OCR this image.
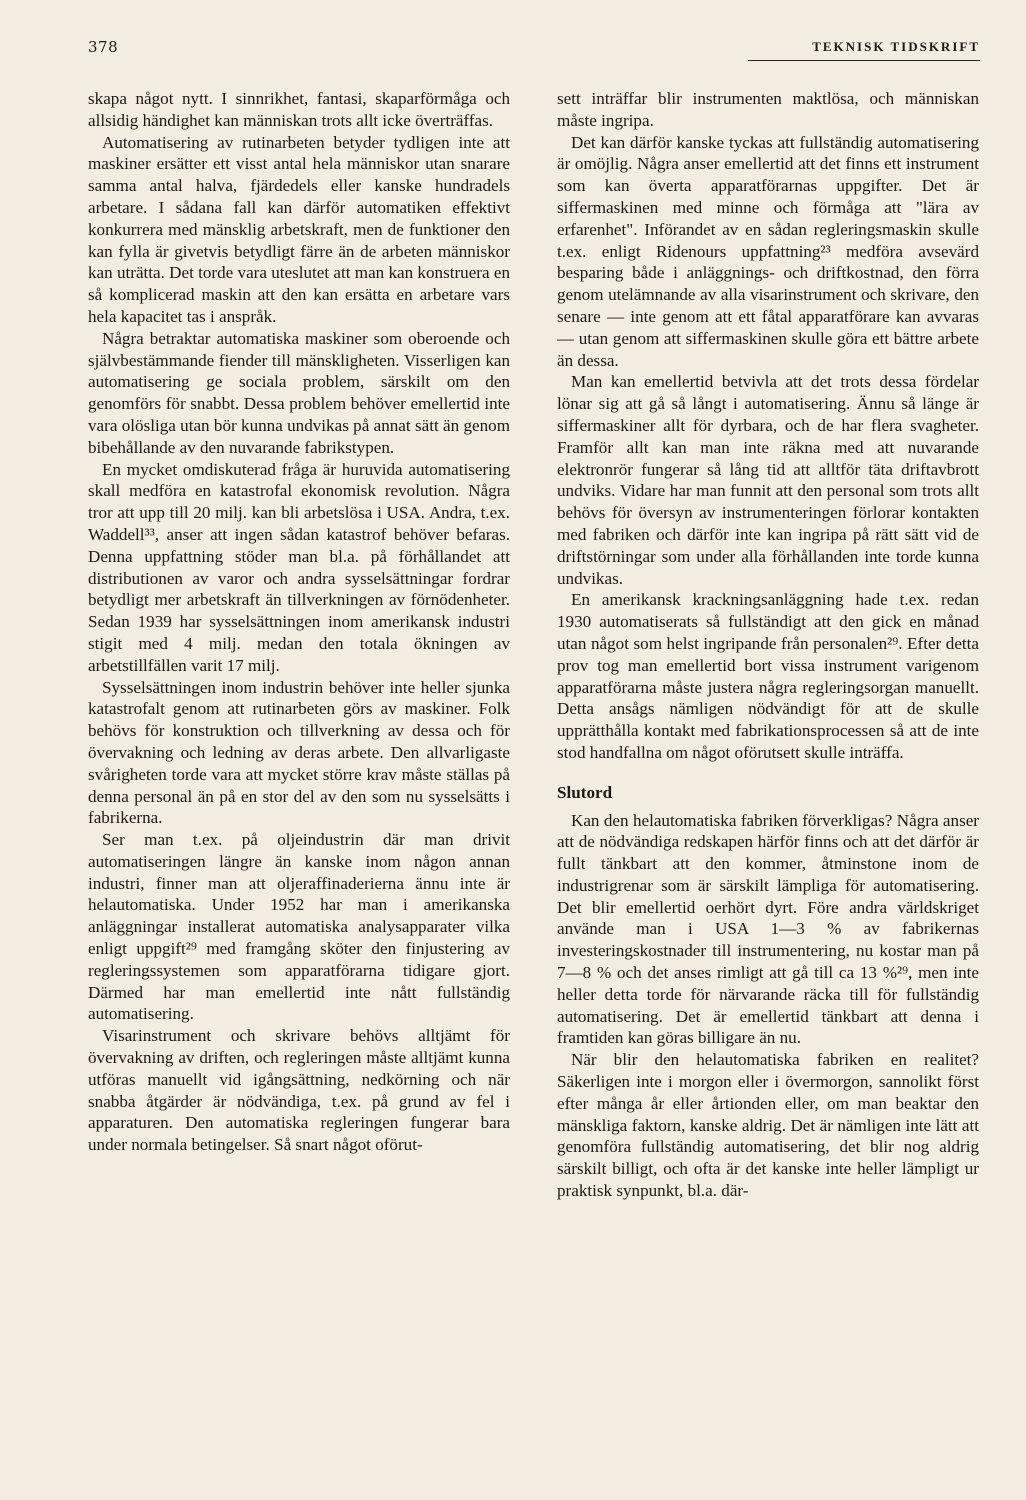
378	TEKNISK TIDSKRIFT

skapa något nytt. I sinnrikhet, fantasi, skaparförmåga och allsidig händighet kan människan trots allt icke överträffas.

Automatisering av rutinarbeten betyder tydligen inte att maskiner ersätter ett visst antal hela människor utan snarare samma antal halva, fjärdedels eller kanske hundradels arbetare. I sådana fall kan därför automatiken effektivt konkurrera med mänsklig arbetskraft, men de funktioner den kan fylla är givetvis betydligt färre än de arbeten människor kan uträtta. Det torde vara uteslutet att man kan konstruera en så komplicerad maskin att den kan ersätta en arbetare vars hela kapacitet tas i anspråk.

Några betraktar automatiska maskiner som oberoende och självbestämmande fiender till mänskligheten. Visserligen kan automatisering ge sociala problem, särskilt om den genomförs för snabbt. Dessa problem behöver emellertid inte vara olösliga utan bör kunna undvikas på annat sätt än genom bibehållande av den nuvarande fabrikstypen.

En mycket omdiskuterad fråga är huruvida automatisering skall medföra en katastrofal ekonomisk revolution. Några tror att upp till 20 milj. kan bli arbetslösa i USA. Andra, t.ex. Waddell³³, anser att ingen sådan katastrof behöver befaras. Denna uppfattning stöder man bl.a. på förhållandet att distributionen av varor och andra sysselsättningar fordrar betydligt mer arbetskraft än tillverkningen av förnödenheter. Sedan 1939 har sysselsättningen inom amerikansk industri stigit med 4 milj. medan den totala ökningen av arbetstillfällen varit 17 milj.

Sysselsättningen inom industrin behöver inte heller sjunka katastrofalt genom att rutinarbeten görs av maskiner. Folk behövs för konstruktion och tillverkning av dessa och för övervakning och ledning av deras arbete. Den allvarligaste svårigheten torde vara att mycket större krav måste ställas på denna personal än på en stor del av den som nu sysselsätts i fabrikerna.

Ser man t.ex. på oljeindustrin där man drivit automatiseringen längre än kanske inom någon annan industri, finner man att oljeraffinaderierna ännu inte är helautomatiska. Under 1952 har man i amerikanska anläggningar installerat automatiska analysapparater vilka enligt uppgift²⁹ med framgång sköter den finjustering av regleringssystemen som apparatförarna tidigare gjort. Därmed har man emellertid inte nått fullständig automatisering.

Visarinstrument och skrivare behövs alltjämt för övervakning av driften, och regleringen måste alltjämt kunna utföras manuellt vid igångsättning, nedkörning och när snabba åtgärder är nödvändiga, t.ex. på grund av fel i apparaturen. Den automatiska regleringen fungerar bara under normala betingelser. Så snart något oförut-

sett inträffar blir instrumenten maktlösa, och människan måste ingripa.

Det kan därför kanske tyckas att fullständig automatisering är omöjlig. Några anser emellertid att det finns ett instrument som kan överta apparatförarnas uppgifter. Det är siffermaskinen med minne och förmåga att "lära av erfarenhet". Införandet av en sådan regleringsmaskin skulle t.ex. enligt Ridenours uppfattning²³ medföra avsevärd besparing både i anläggnings- och driftkostnad, den förra genom utelämnande av alla visarinstrument och skrivare, den senare — inte genom att ett fåtal apparatförare kan avvaras — utan genom att siffermaskinen skulle göra ett bättre arbete än dessa.

Man kan emellertid betvivla att det trots dessa fördelar lönar sig att gå så långt i automatisering. Ännu så länge är siffermaskiner allt för dyrbara, och de har flera svagheter. Framför allt kan man inte räkna med att nuvarande elektronrör fungerar så lång tid att alltför täta driftavbrott undviks. Vidare har man funnit att den personal som trots allt behövs för översyn av instrumenteringen förlorar kontakten med fabriken och därför inte kan ingripa på rätt sätt vid de driftstörningar som under alla förhållanden inte torde kunna undvikas.

En amerikansk krackningsanläggning hade t.ex. redan 1930 automatiserats så fullständigt att den gick en månad utan något som helst ingripande från personalen²⁹. Efter detta prov tog man emellertid bort vissa instrument varigenom apparatförarna måste justera några regleringsorgan manuellt. Detta ansågs nämligen nödvändigt för att de skulle upprätthålla kontakt med fabrikationsprocessen så att de inte stod handfallna om något oförutsett skulle inträffa.

Slutord

Kan den helautomatiska fabriken förverkligas? Några anser att de nödvändiga redskapen härför finns och att det därför är fullt tänkbart att den kommer, åtminstone inom de industrigrenar som är särskilt lämpliga för automatisering. Det blir emellertid oerhört dyrt. Före andra världskriget använde man i USA 1—3 % av fabrikernas investeringskostnader till instrumentering, nu kostar man på 7—8 % och det anses rimligt att gå till ca 13 %²⁹, men inte heller detta torde för närvarande räcka till för fullständig automatisering. Det är emellertid tänkbart att denna i framtiden kan göras billigare än nu.

När blir den helautomatiska fabriken en realitet? Säkerligen inte i morgon eller i övermorgon, sannolikt först efter många år eller årtionden eller, om man beaktar den mänskliga faktorn, kanske aldrig. Det är nämligen inte lätt att genomföra fullständig automatisering, det blir nog aldrig särskilt billigt, och ofta är det kanske inte heller lämpligt ur praktisk synpunkt, bl.a. där-
